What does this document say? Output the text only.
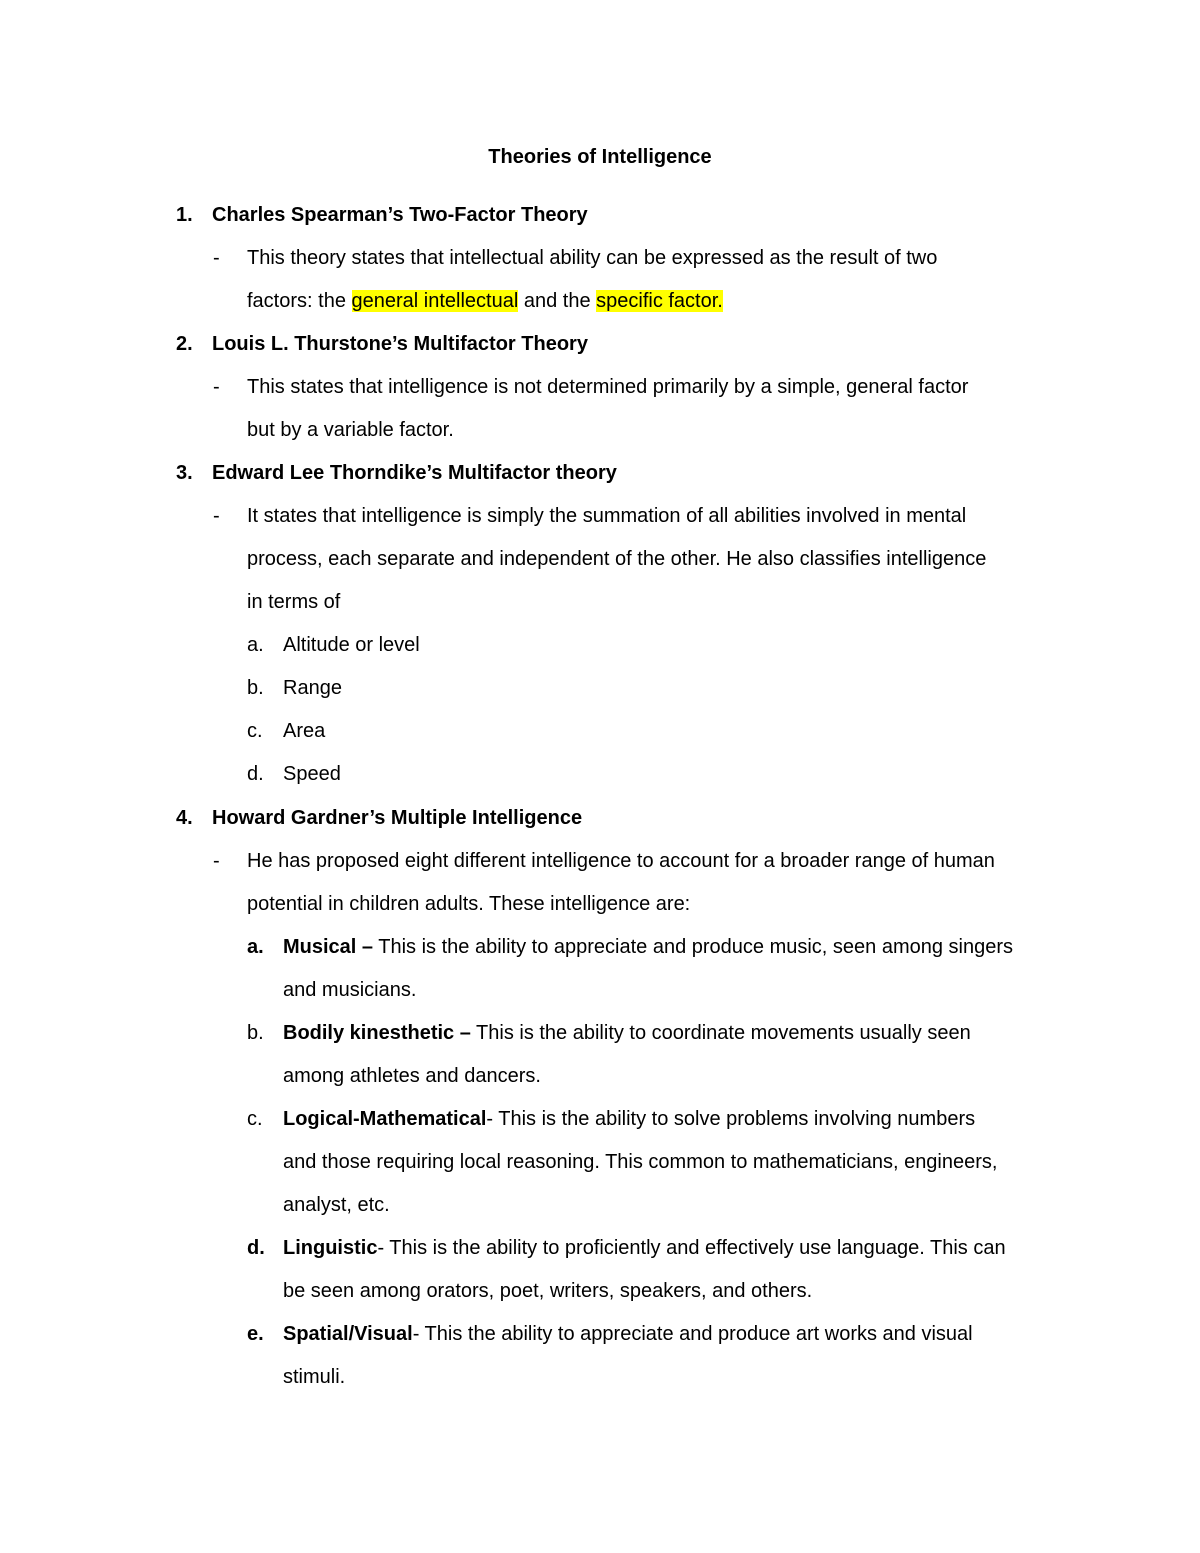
Theories of Intelligence
1. Charles Spearman’s Two-Factor Theory
- This theory states that intellectual ability can be expressed as the result of two
factors: the general intellectual and the specific factor.
2. Louis L. Thurstone’s Multifactor Theory
- This states that intelligence is not determined primarily by a simple, general factor
but by a variable factor.
3. Edward Lee Thorndike’s Multifactor theory
- It states that intelligence is simply the summation of all abilities involved in mental
process, each separate and independent of the other. He also classifies intelligence
in terms of
a. Altitude or level
b. Range
c. Area
d. Speed
4. Howard Gardner’s Multiple Intelligence
- He has proposed eight different intelligence to account for a broader range of human
potential in children adults. These intelligence are:
a. Musical – This is the ability to appreciate and produce music, seen among singers
and musicians.
b. Bodily kinesthetic – This is the ability to coordinate movements usually seen
among athletes and dancers.
c. Logical-Mathematical- This is the ability to solve problems involving numbers
and those requiring local reasoning. This common to mathematicians, engineers,
analyst, etc.
d. Linguistic- This is the ability to proficiently and effectively use language. This can
be seen among orators, poet, writers, speakers, and others.
e. Spatial/Visual- This the ability to appreciate and produce art works and visual
stimuli.
